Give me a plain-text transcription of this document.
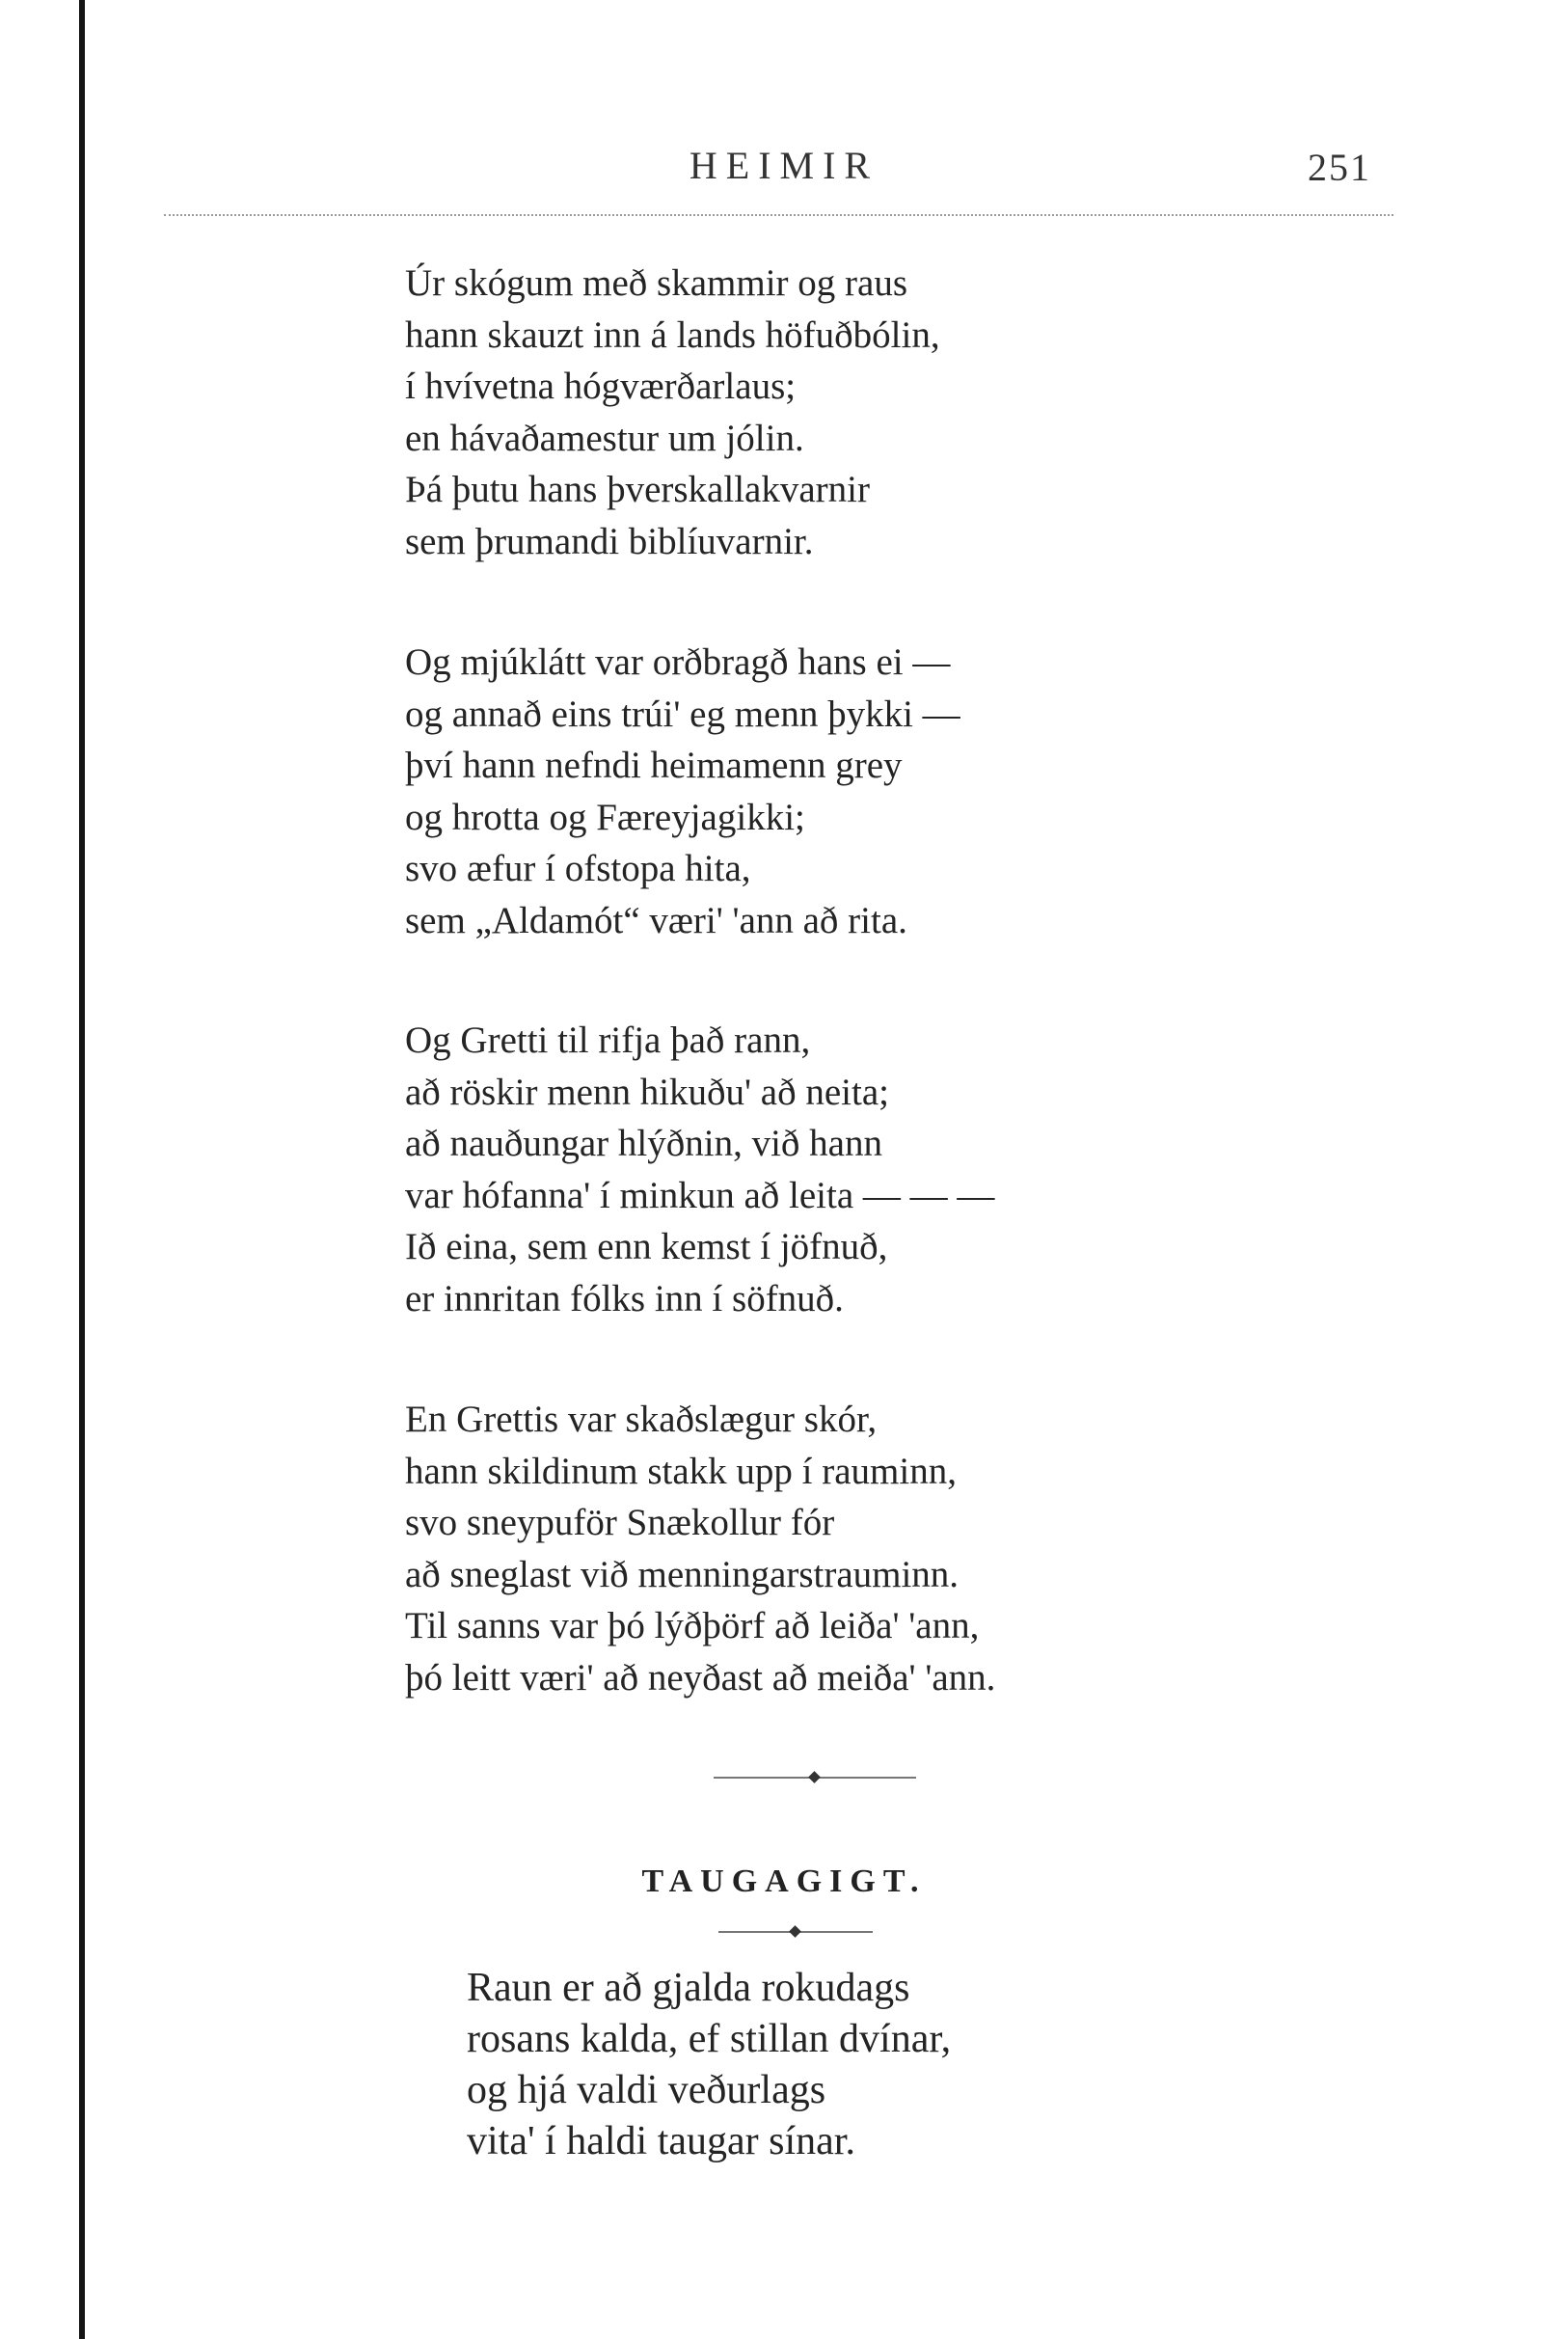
HEIMIR	251
Úr skógum með skammir og raus
hann skauzt inn á lands höfuðbólin,
í hvívetna hógværðarlaus;
en hávaðamestur um jólin.
Þá þutu hans þverskallakvarnir
sem þrumandi biblíuvarnir.
Og mjúklátt var orðbragð hans ei —
og annað eins trúi' eg menn þykki —
því hann nefndi heimamenn grey
og hrotta og Færeyjagikki;
svo æfur í ofstopa hita,
sem „Aldamót“ væri' 'ann að rita.
Og Gretti til rifja það rann,
að röskir menn hikuðu' að neita;
að nauðungar hlýðnin, við hann
var hófanna' í minkun að leita — — —
Ið eina, sem enn kemst í jöfnuð,
er innritan fólks inn í söfnuð.
En Grettis var skaðslægur skór,
hann skildinum stakk upp í rauminn,
svo sneypuför Snækollur fór
að sneglast við menningarstrauminn.
Til sanns var þó lýðþörf að leiða' 'ann,
þó leitt væri' að neyðast að meiða' 'ann.
TAUGAGIGT.
Raun er að gjalda rokudags
rosans kalda, ef stillan dvínar,
og hjá valdi veðurlags
vita' í haldi taugar sínar.
